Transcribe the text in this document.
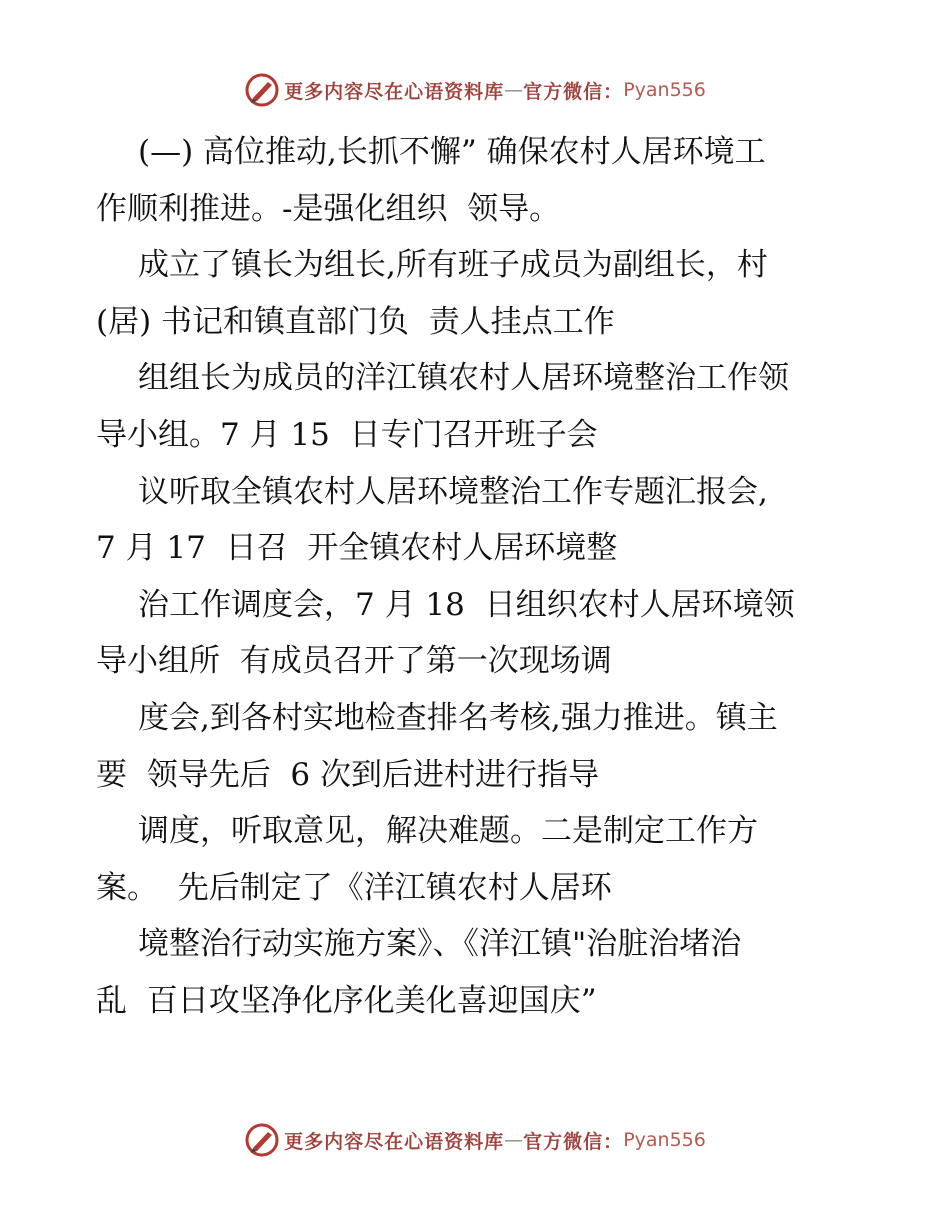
更多内容尽在心语资料库 — 官方微信： Pyan556
(—) 高位推动,长抓不懈” 确保农村人居环境工
作顺利推进。-是强化组织  领导。
成立了镇长为组长,所有班子成员为副组长，村
(居) 书记和镇直部门负  责人挂点工作
组组长为成员的洋江镇农村人居环境整治工作领
导小组。7 月 15  日专门召开班子会
议听取全镇农村人居环境整治工作专题汇报会,
7 月 17  日召  开全镇农村人居环境整
治工作调度会，7 月 18  日组织农村人居环境领
导小组所  有成员召开了第一次现场调
度会,到各村实地检查排名考核,强力推进。镇主
要  领导先后  6 次到后进村进行指导
调度，听取意见，解决难题。二是制定工作方
案。  先后制定了《洋江镇农村人居环
境整治行动实施方案》、《洋江镇"治脏治堵治
乱  百日攻坚净化序化美化喜迎国庆”
更多内容尽在心语资料库 — 官方微信： Pyan556
